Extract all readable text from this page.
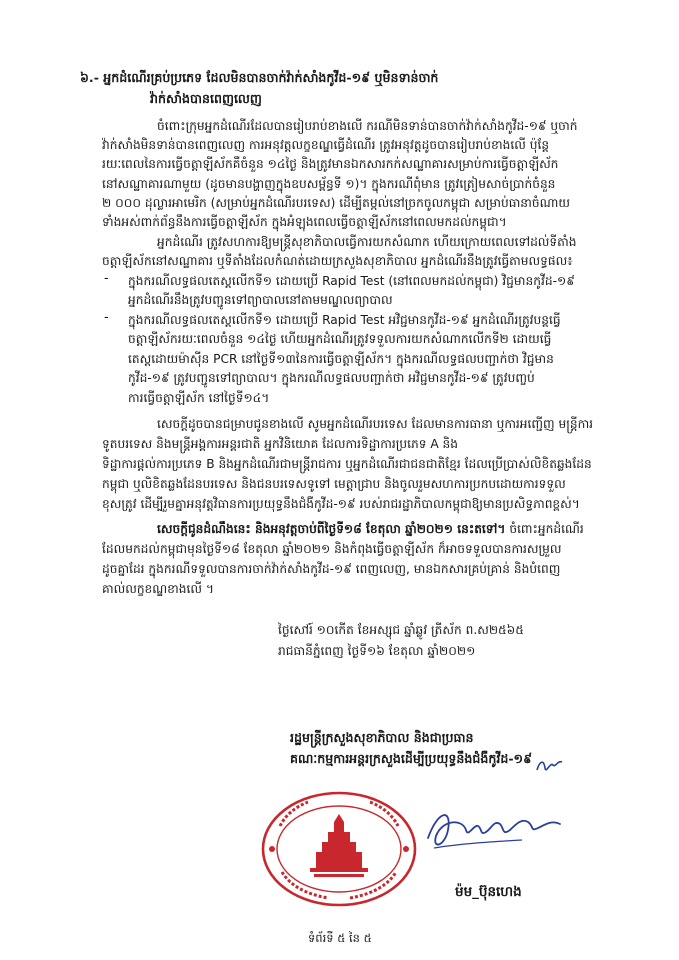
៦.- អ្នកដំណើរគ្រប់ប្រភេទ ដែលមិនបានចាក់វ៉ាក់សាំងកូវីដ-១៩ ឬមិនទាន់ចាក់
វ៉ាក់សាំងបានពេញលេញ
ចំពោះក្រុមអ្នកដំណើរដែលបានរៀបរាប់ខាងលើ ករណីមិនទាន់បានចាក់វ៉ាក់សាំងកូវីដ-១៩ ឬចាក់
វ៉ាក់សាំងមិនទាន់បានពេញលេញ ការអនុវត្តលក្ខខណ្ឌធ្វើដំណើរ ត្រូវអនុវត្តដូចបានរៀបរាប់ខាងលើ ប៉ុន្តែ
រយៈពេលនៃការធ្វើចត្តាឡីស័កគឺចំនួន ១៤ថ្ងៃ និងត្រូវមានឯកសារកក់សណ្ឋាគារសម្រាប់ការធ្វើចត្តាឡីស័ក
នៅសណ្ឋាគារណាមួយ (ដូចមានបង្ហាញក្នុងឧបសម្ព័ន្ធទី ១)។ ក្នុងករណីពុំមាន ត្រូវត្រៀមសាច់ប្រាក់ចំនួន
២ ០០០ ដុល្លារអាមេរិក (សម្រាប់អ្នកដំណើរបរទេស) ដើម្បីតម្កល់នៅច្រកចូលកម្ពុជា សម្រាប់ធានាចំណាយ
ទាំងអស់ពាក់ព័ន្ធនឹងការធ្វើចត្តាឡីស័ក ក្នុងអំឡុងពេលធ្វើចត្តាឡីស័កនៅពេលមកដល់កម្ពុជា។
អ្នកដំណើរ ត្រូវសហការឱ្យមន្ត្រីសុខាភិបាលធ្វើការយកសំណាក ហើយក្រោយពេលទៅដល់ទីតាំង
ចត្តាឡីស័កនៅសណ្ឋាគារ ឬទីតាំងដែលកំណត់ដោយក្រសួងសុខាភិបាល អ្នកដំណើរនឹងត្រូវធ្វើតាមលទ្ធផល៖
- ក្នុងករណីលទ្ធផលតេស្តលើកទី១ ដោយប្រើ Rapid Test (នៅពេលមកដល់កម្ពុជា) វិជ្ជមានកូវីដ-១៩
អ្នកដំណើរនឹងត្រូវបញ្ជូនទៅព្យាបាលនៅតាមមណ្ឌលព្យាបាល
- ក្នុងករណីលទ្ធផលតេស្តលើកទី១ ដោយប្រើ Rapid Test អវិជ្ជមានកូវីដ-១៩ អ្នកដំណើរត្រូវបន្តធ្វើ
ចត្តាឡីស័ករយៈពេលចំនួន ១៤ថ្ងៃ ហើយអ្នកដំណើរត្រូវទទួលការយកសំណាកលើកទី២ ដោយធ្វើ
តេស្តដោយម៉ាស៊ីន PCR នៅថ្ងៃទី១៣នៃការធ្វើចត្តាឡីស័ក។ ក្នុងករណីលទ្ធផលបញ្ជាក់ថា វិជ្ជមាន
កូវីដ-១៩ ត្រូវបញ្ជូនទៅព្យាបាល។ ក្នុងករណីលទ្ធផលបញ្ជាក់ថា អវិជ្ជមានកូវីដ-១៩ ត្រូវបញ្ចប់
ការធ្វើចត្តាឡីស័ក នៅថ្ងៃទី១៤។
សេចក្ដីដូចបានជម្រាបជូនខាងលើ សូមអ្នកដំណើរបរទេស ដែលមានការធានា ឬការអញ្ជើញ មន្ត្រីការ
ទូតបរទេស និងមន្ត្រីអង្គការអន្តរជាតិ អ្នកវិនិយោគ ដែលការទិដ្ឋាការប្រភេទ A និង
ទិដ្ឋាការផ្តល់ការប្រភេទ B និងអ្នកដំណើរជាមន្ត្រីរាជការ ឬអ្នកដំណើរជាជនជាតិខ្មែរ ដែលប្រើប្រាស់លិខិតឆ្លងដែន
កម្ពុជា ឬលិខិតឆ្លងដែនបរទេស និងជនបរទេសទូទៅ មេត្តាជ្រាប និងចូលរួមសហការប្រកបដោយការទទួល
ខុសត្រូវ ដើម្បីរួមគ្នាអនុវត្តវិធានការប្រយុទ្ធនឹងជំងឺកូវីដ-១៩ របស់រាជរដ្ឋាភិបាលកម្ពុជាឱ្យមានប្រសិទ្ធភាពខ្ពស់។
សេចក្ដីជូនដំណឹងនេះ និងអនុវត្តចាប់ពីថ្ងៃទី១៨ ខែតុលា ឆ្នាំ២០២១ នេះតទៅ។ ចំពោះអ្នកដំណើរ
ដែលមកដល់កម្ពុជាមុនថ្ងៃទី១៨ ខែតុលា ឆ្នាំ២០២១ និងកំពុងធ្វើចត្តាឡីស័ក ក៏អាចទទួលបានការសម្រួល
ដូចគ្នាដែរ ក្នុងករណីទទួលបានការចាក់វ៉ាក់សាំងកូវីដ-១៩ ពេញលេញ, មានឯកសារគ្រប់គ្រាន់ និងបំពេញ
គាល់លក្ខខណ្ឌខាងលើ ។
ថ្ងៃសៅរ៍ ១០កើត ខែអស្សុជ ឆ្នាំឆ្លូវ ត្រីស័ក ព.ស២៥៦៥
រាជធានីភ្នំពេញ ថ្ងៃទី១៦ ខែតុលា ឆ្នាំ២០២១
រដ្ឋមន្ត្រីក្រសួងសុខាភិបាល និងជាប្រធាន
គណៈកម្មការអន្តរក្រសួងដើម្បីប្រយុទ្ធនឹងជំងឺកូវីដ-១៩
ម៉ម_ប៊ុនហេង
ទំព័រទី ៥ នៃ ៥
